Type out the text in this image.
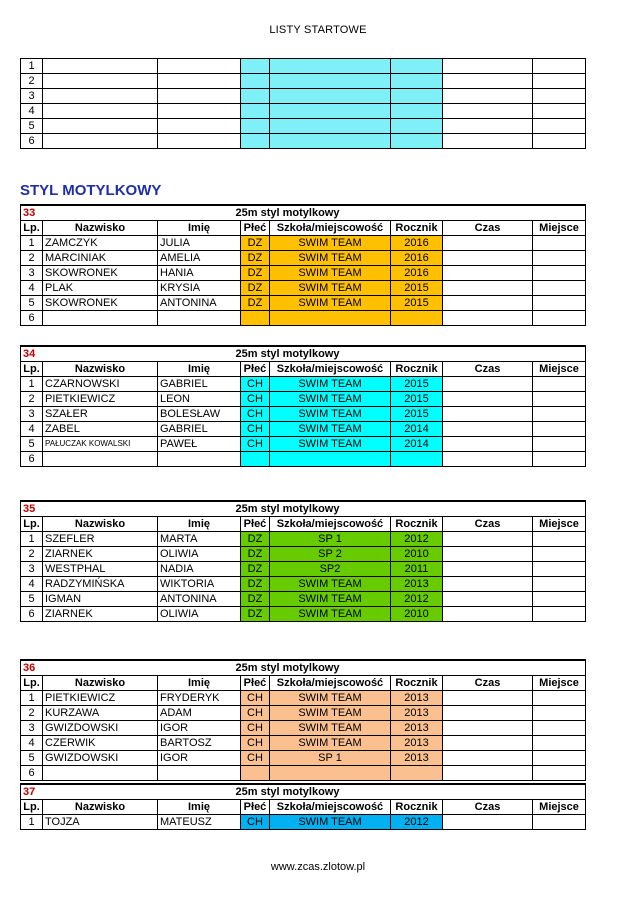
LISTY STARTOWE
1							
2							
3							
4							
5							
6							
STYL MOTYLKOWY
33	25m styl motylkowy						
Lp.	Nazwisko	Imię	Płeć	Szkoła/miejscowość	Rocznik	Czas	Miejsce
1	ZAMCZYK	JULIA	DZ	SWIM TEAM	2016		
2	MARCINIAK	AMELIA	DZ	SWIM TEAM	2016		
3	SKOWRONEK	HANIA	DZ	SWIM TEAM	2016		
4	PLAK	KRYSIA	DZ	SWIM TEAM	2015		
5	SKOWRONEK	ANTONINA	DZ	SWIM TEAM	2015		
6							
34	25m styl motylkowy						
Lp.	Nazwisko	Imię	Płeć	Szkoła/miejscowość	Rocznik	Czas	Miejsce
1	CZARNOWSKI	GABRIEL	CH	SWIM TEAM	2015		
2	PIETKIEWICZ	LEON	CH	SWIM TEAM	2015		
3	SZAŁER	BOLESŁAW	CH	SWIM TEAM	2015		
4	ZABEL	GABRIEL	CH	SWIM TEAM	2014		
5	PAŁUCZAK KOWALSKI	PAWEŁ	CH	SWIM TEAM	2014		
6							
35	25m styl motylkowy						
Lp.	Nazwisko	Imię	Płeć	Szkoła/miejscowość	Rocznik	Czas	Miejsce
1	SZEFLER	MARTA	DZ	SP 1	2012		
2	ZIARNEK	OLIWIA	DZ	SP 2	2010		
3	WESTPHAL	NADIA	DZ	SP2	2011		
4	RADZYMIŃSKA	WIKTORIA	DZ	SWIM TEAM	2013		
5	IGMAN	ANTONINA	DZ	SWIM TEAM	2012		
6	ZIARNEK	OLIWIA	DZ	SWIM TEAM	2010		
36	25m styl motylkowy						
Lp.	Nazwisko	Imię	Płeć	Szkoła/miejscowość	Rocznik	Czas	Miejsce
1	PIETKIEWICZ	FRYDERYK	CH	SWIM TEAM	2013		
2	KURZAWA	ADAM	CH	SWIM TEAM	2013		
3	GWIZDOWSKI	IGOR	CH	SWIM TEAM	2013		
4	CZERWIK	BARTOSZ	CH	SWIM TEAM	2013		
5	GWIZDOWSKI	IGOR	CH	SP 1	2013		
6							
37	25m styl motylkowy						
Lp.	Nazwisko	Imię	Płeć	Szkoła/miejscowość	Rocznik	Czas	Miejsce
1	TOJZA	MATEUSZ	CH	SWIM TEAM	2012		
www.zcas.zlotow.pl
